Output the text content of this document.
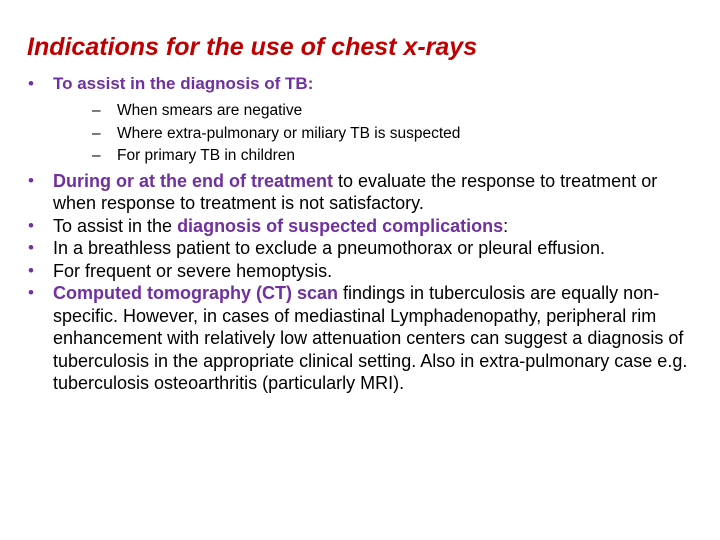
Indications for the use of chest x-rays
• To assist in the diagnosis of TB:
– When smears are negative
– Where extra-pulmonary or miliary TB is suspected
– For primary TB in children
• During or at the end of treatment to evaluate the response to treatment or when response to treatment is not satisfactory.
• To assist in the diagnosis of suspected complications:
• In a breathless patient to exclude a pneumothorax or pleural effusion.
• For frequent or severe hemoptysis.
• Computed tomography (CT) scan findings in tuberculosis are equally non-specific. However, in cases of mediastinal Lymphadenopathy, peripheral rim enhancement with relatively low attenuation centers can suggest a diagnosis of tuberculosis in the appropriate clinical setting. Also in extra-pulmonary case e.g. tuberculosis osteoarthritis (particularly MRI).
